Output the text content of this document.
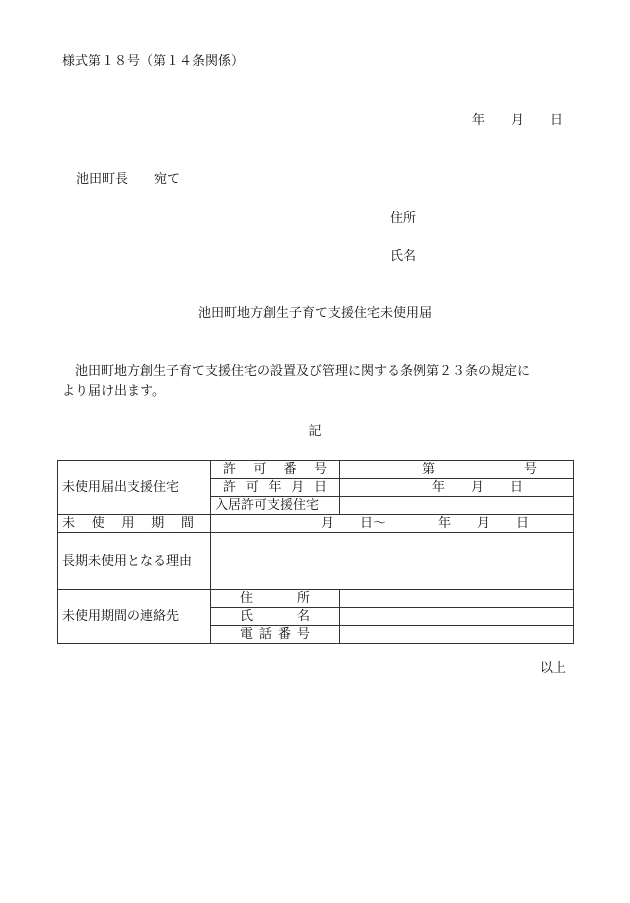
様式第１８号（第１４条関係）
年　　月　　日
池田町長　　宛て
住所
氏名
池田町地方創生子育て支援住宅未使用届
　池田町地方創生子育て支援住宅の設置及び管理に関する条例第２３条の規定に
より届け出ます。
記
未使用届出支援住宅	許 可 番 号	第 号

	許 可 年 月 日	年　　月　　日
	入居許可支援住宅	

未 使 用 期 間	月　　日～　　　　年　　月　　日	
長期未使用となる理由		
未使用期間の連絡先	住 所	

	氏 名	

	電 話 番 号	

以上
